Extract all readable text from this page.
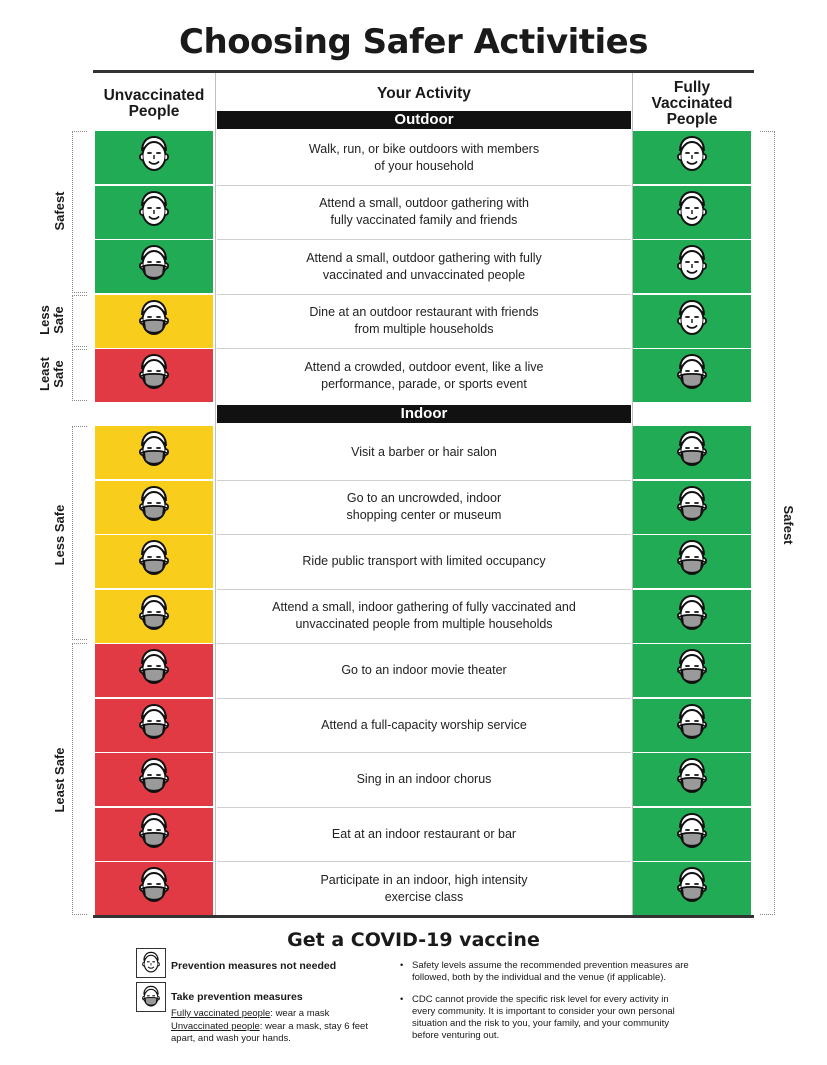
Choosing Safer Activities
Unvaccinated
People
Your Activity	Fully
Vaccinated
People
Outdoor
Indoor
Walk, run, or bike outdoors with members
of your household
Attend a small, outdoor gathering with
fully vaccinated family and friends
Attend a small, outdoor gathering with fully
vaccinated and unvaccinated people
Dine at an outdoor restaurant with friends
from multiple households
Attend a crowded, outdoor event, like a live
performance, parade, or sports event
Visit a barber or hair salon
Go to an uncrowded, indoor
shopping center or museum
Ride public transport with limited occupancy
Attend a small, indoor gathering of fully vaccinated and
unvaccinated people from multiple households
Go to an indoor movie theater
Attend a full-capacity worship service
Sing in an indoor chorus
Eat at an indoor restaurant or bar
Participate in an indoor, high intensity
exercise class
Safest
Less Safe
Least Safe
Less Safe
Least Safe
Safest
Get a COVID-19 vaccine
Prevention measures not needed
Take prevention measures
Fully vaccinated people: wear a mask
Unvaccinated people: wear a mask, stay 6 feet
apart, and wash your hands.
• Safety levels assume the recommended prevention measures are
followed, both by the individual and the venue (if applicable).
• CDC cannot provide the specific risk level for every activity in
every community. It is important to consider your own personal
situation and the risk to you, your family, and your community
before venturing out.
